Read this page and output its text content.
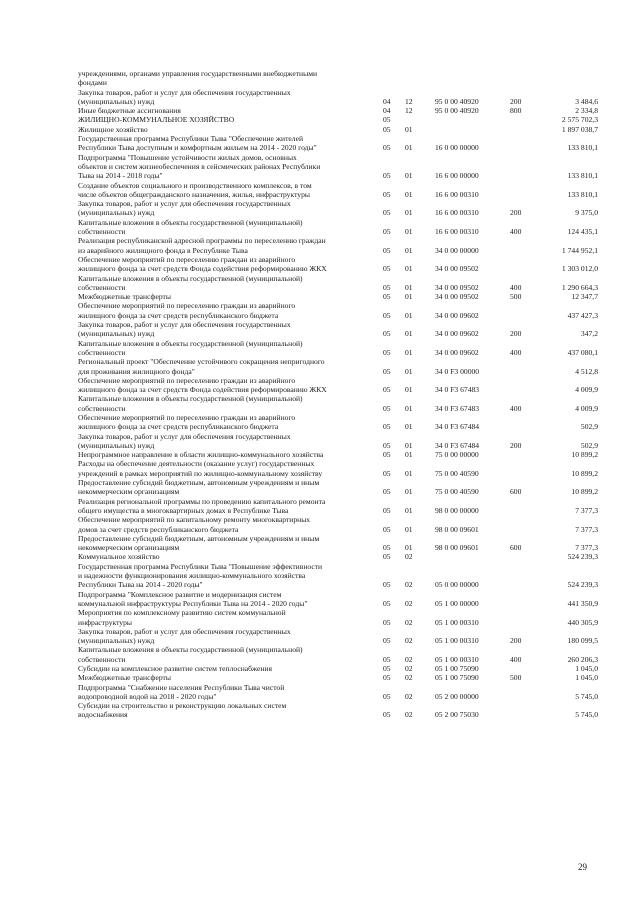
учреждениями, органами управления государственными внебюджетными
фондами
Закупка товаров, работ и услуг для обеспечения государственных
(муниципальных) нужд	04 12	95 0 00 40920	200	3 484,6
Иные бюджетные ассигнования	04 12	95 0 00 40920	800	2 334,8
ЖИЛИЩНО-КОММУНАЛЬНОЕ ХОЗЯЙСТВО	05	2 575 702,3
Жилищное хозяйство	05 01	1 897 038,7
Государственная программа Республики Тыва "Обеспечение жителей
Республики Тыва доступным и комфортным жильем на 2014 - 2020 годы"	05 01	16 0 00 00000	133 810,1
Подпрограмма "Повышение устойчивости жилых домов, основных
объектов и систем жизнеобеспечения в сейсмических районах Республики
Тыва на 2014 - 2018 годы"	05 01	16 6 00 00000	133 810,1
Создание объектов социального и производственного комплексов, в том
числе объектов общегражданского назначения, жилья, инфраструктуры	05 01	16 6 00 00310	133 810,1
Закупка товаров, работ и услуг для обеспечения государственных
(муниципальных) нужд	05 01	16 6 00 00310	200	9 375,0
Капитальные вложения в объекты государственной (муниципальной)
собственности	05 01	16 6 00 00310	400	124 435,1
Реализация республиканской адресной программы по переселению граждан
из аварийного жилищного фонда в Республике Тыва	05 01	34 0 00 00000	1 744 952,1
Обеспечение мероприятий по переселению граждан из аварийного
жилищного фонда за счет средств Фонда содействия реформированию ЖКХ	05 01	34 0 00 09502	1 303 012,0
Капитальные вложения в объекты государственной (муниципальной)
собственности	05 01	34 0 00 09502	400	1 290 664,3
Межбюджетные трансферты	05 01	34 0 00 09502	500	12 347,7
Обеспечение мероприятий по переселению граждан из аварийного
жилищного фонда за счет средств республиканского бюджета	05 01	34 0 00 09602	437 427,3
Закупка товаров, работ и услуг для обеспечения государственных
(муниципальных) нужд	05 01	34 0 00 09602	200	347,2
Капитальные вложения в объекты государственной (муниципальной)
собственности	05 01	34 0 00 09602	400	437 080,1
Региональный проект "Обеспечение устойчивого сокращения непригодного
для проживания жилищного фонда"	05 01	34 0 F3 00000	4 512,8
Обеспечение мероприятий по переселению граждан из аварийного
жилищного фонда за счет средств Фонда содействия реформированию ЖКХ	05 01	34 0 F3 67483	4 009,9
Капитальные вложения в объекты государственной (муниципальной)
собственности	05 01	34 0 F3 67483	400	4 009,9
Обеспечение мероприятий по переселению граждан из аварийного
жилищного фонда за счет средств республиканского бюджета	05 01	34 0 F3 67484	502,9
Закупка товаров, работ и услуг для обеспечения государственных
(муниципальных) нужд	05 01	34 0 F3 67484	200	502,9
Непрограммное направление в области жилищно-коммунального хозяйства	05 01	75 0 00 00000	10 899,2
Расходы на обеспечение деятельности (оказание услуг) государственных
учреждений в рамках мероприятий по жилищно-коммунальному хозяйству	05 01	75 0 00 40590	10 899,2
Предоставление субсидий бюджетным, автономным учреждениям и иным
некоммерческим организациям	05 01	75 0 00 40590	600	10 899,2
Реализация региональной программы по проведению капитального ремонта
общего имущества в многоквартирных домах в Республике Тыва	05 01	98 0 00 00000	7 377,3
Обеспечение мероприятий по капитальному ремонту многоквартирных
домов за счет средств республиканского бюджета	05 01	98 0 00 09601	7 377,3
Предоставление субсидий бюджетным, автономным учреждениям и иным
некоммерческим организациям	05 01	98 0 00 09601	600	7 377,3
Коммунальное хозяйство	05 02	524 239,3
Государственная программа Республики Тыва "Повышение эффективности
и надежности функционирования жилищно-коммунального хозяйства
Республики Тыва на 2014 - 2020 годы"	05 02	05 0 00 00000	524 239,3
Подпрограмма "Комплексное развитие и модернизация систем
коммунальной инфраструктуры Республики Тыва на 2014 - 2020 годы"	05 02	05 1 00 00000	441 350,9
Мероприятия по комплексному развитию систем коммунальной
инфраструктуры	05 02	05 1 00 00310	440 305,9
Закупка товаров, работ и услуг для обеспечения государственных
(муниципальных) нужд	05 02	05 1 00 00310	200	180 099,5
Капитальные вложения в объекты государственной (муниципальной)
собственности	05 02	05 1 00 00310	400	260 206,3
Субсидии на комплексное развитие систем теплоснабжения	05 02	05 1 00 75090	1 045,0
Межбюджетные трансферты	05 02	05 1 00 75090	500	1 045,0
Подпрограмма "Снабжение населения Республики Тыва чистой
водопроводной водой на 2018 - 2020 годы"	05 02	05 2 00 00000	5 745,0
Субсидии на строительство и реконструкцию локальных систем
водоснабжения	05 02	05 2 00 75030	5 745,0
29
